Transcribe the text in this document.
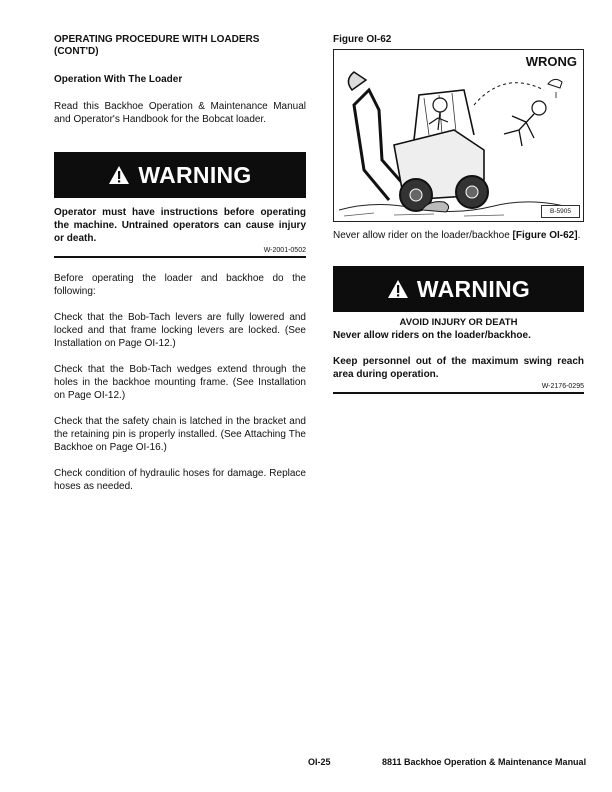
OPERATING PROCEDURE WITH LOADERS (CONT'D)

Operation With The Loader

Read this Backhoe Operation & Maintenance Manual and Operator's Handbook for the Bobcat loader.

WARNING

Operator must have instructions before operating the machine. Untrained operators can cause injury or death.

W-2001-0502

Before operating the loader and backhoe do the following:

Check that the Bob-Tach levers are fully lowered and locked and that frame locking levers are locked. (See Installation on Page OI-12.)

Check that the Bob-Tach wedges extend through the holes in the backhoe mounting frame. (See Installation on Page OI-12.)

Check that the safety chain is latched in the bracket and the retaining pin is properly installed. (See Attaching The Backhoe on Page OI-16.)

Check condition of hydraulic hoses for damage. Replace hoses as needed.

Figure OI-62

WRONG
B-5905

Never allow rider on the loader/backhoe [Figure OI-62].

WARNING

AVOID INJURY OR DEATH

Never allow riders on the loader/backhoe.

Keep personnel out of the maximum swing reach area during operation.

W-2176-0295
OI-25	8811 Backhoe Operation & Maintenance Manual
